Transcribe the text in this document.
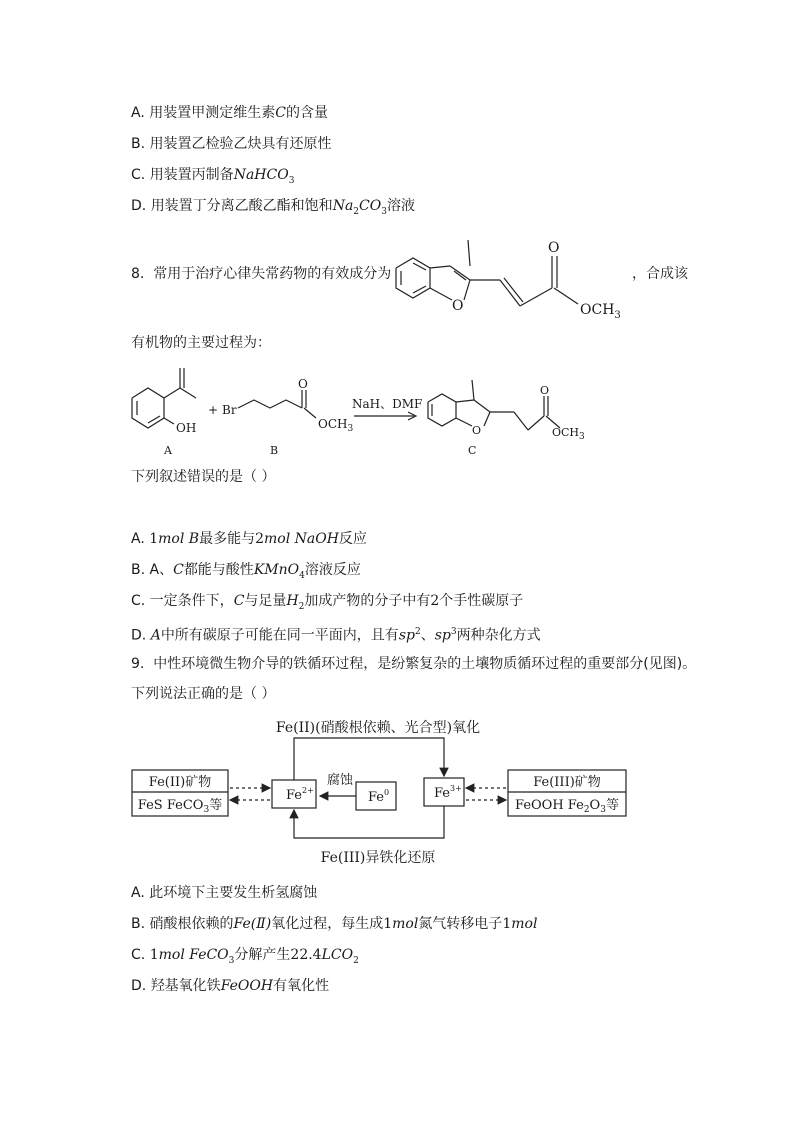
A. 用装置甲测定维生素C的含量
B. 用装置乙检验乙炔具有还原性
C. 用装置丙制备NaHCO$_3$
D. 用装置丁分离乙酸乙酯和饱和$Na_2CO_3$溶液
8. 常用于治疗心律失常药物的有效成分为	，合成该
O
O
$OCH_3$
有机物的主要过程为：
OH
+ Br
O
$OCH_3$
NaH、DMF
O
O
$OCH_3$
A	B	C
下列叙述错误的是（ ）
A. 1mol B最多能与2mol NaOH反应
B. A、C都能与酸性KMnO$_4$溶液反应
C. 一定条件下，C与足量$H_2$加成产物的分子中有2个手性碳原子
D. A中所有碳原子可能在同一平面内，且有$sp^2$、$sp^3$两种杂化方式
9. 中性环境微生物介导的铁循环过程，是纷繁复杂的土壤物质循环过程的重要部分(见图)。
下列说法正确的是（ ）
Fe(II)(硝酸根依赖、光合型)氧化
Fe(III)异铁化还原
Fe(II)矿物
FeS FeCO$_3$等
$Fe^{2+}$	Fe$^0$
腐蚀
$Fe^{3+}$	Fe(III)矿物
FeOOH $Fe_2O_3$等
A. 此环境下主要发生析氢腐蚀
B. 硝酸根依赖的Fe(Ⅱ)氧化过程，每生成1mol氮气转移电子1mol
C. 1mol FeCO$_3$分解产生$22.4LCO_2$
D. 羟基氧化铁FeOOH有氧化性
